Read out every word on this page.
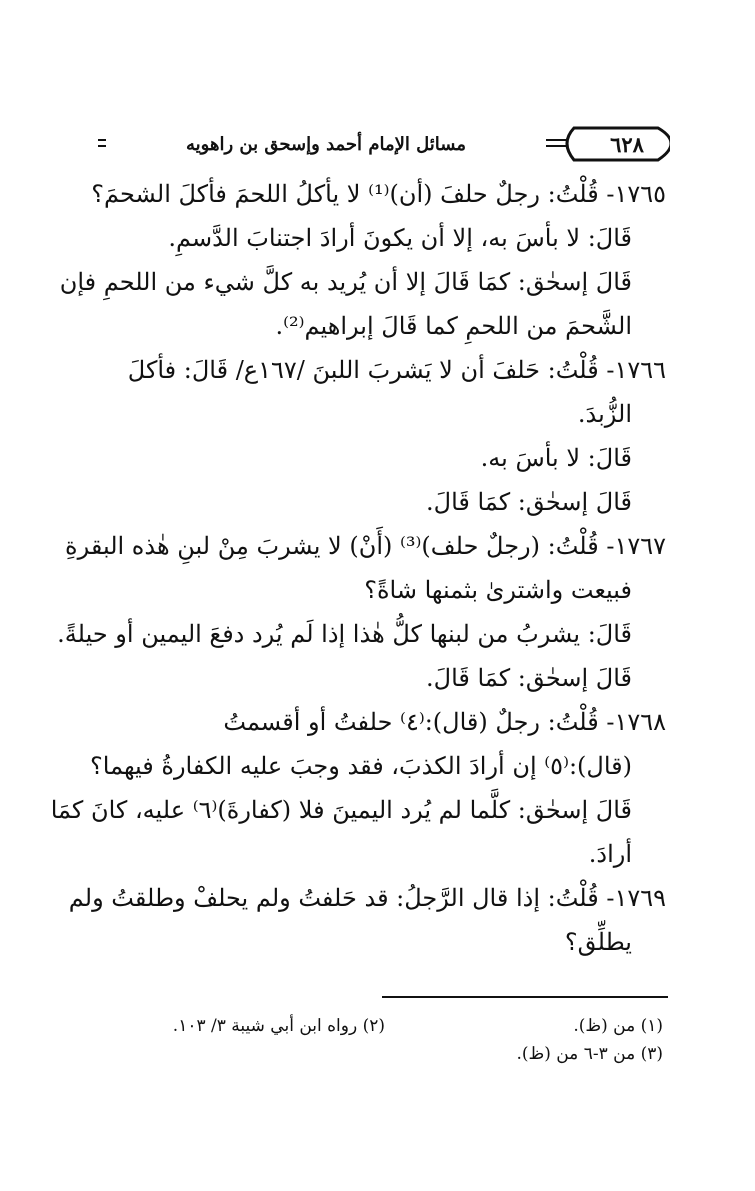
مسائل الإمام أحمد وإسحق بن راهويه	٦٢٨
١٧٦٥- قُلْتُ: رجلٌ حلفَ (أن)⁽¹⁾ لا يأكلُ اللحمَ فأكلَ الشحمَ؟
قَالَ: لا بأسَ به، إلا أن يكونَ أرادَ اجتنابَ الدَّسمِ.
قَالَ إسحٰق: كمَا قَالَ إلا أن يُريد به كلَّ شيء من اللحمِ فإن
الشَّحمَ من اللحمِ كما قَالَ إبراهيم⁽²⁾.
١٧٦٦- قُلْتُ: حَلفَ أن لا يَشربَ اللبنَ /١٦٧ع/ قَالَ: فأكلَ
الزُّبدَ.
قَالَ: لا بأسَ به.
قَالَ إسحٰق: كمَا قَالَ.
١٧٦٧- قُلْتُ: (رجلٌ حلف)⁽³⁾ (أَنْ) لا يشربَ مِنْ لبنِ هٰذه البقرةِ
فبيعت واشترىٰ بثمنها شاةً؟
قَالَ: يشربُ من لبنها كلُّ هٰذا إذا لَم يُرد دفعَ اليمين أو حيلةً.
قَالَ إسحٰق: كمَا قَالَ.
١٧٦٨- قُلْتُ: رجلٌ (قال):⁽٤⁾ حلفتُ أو أقسمتُ
(قال):⁽٥⁾ إن أرادَ الكذبَ، فقد وجبَ عليه الكفارةُ فيهما؟
قَالَ إسحٰق: كلَّما لم يُرد اليمينَ فلا (كفارةَ)⁽٦⁾ عليه، كانَ كمَا
أرادَ.
١٧٦٩- قُلْتُ: إذا قال الرَّجلُ: قد حَلفتُ ولم يحلفْ وطلقتُ ولم
يطلِّق؟
(١) من (ظ).
(٢) رواه ابن أبي شيبة ٣/ ١٠٣.
(٣) من ٣-٦ من (ظ).
